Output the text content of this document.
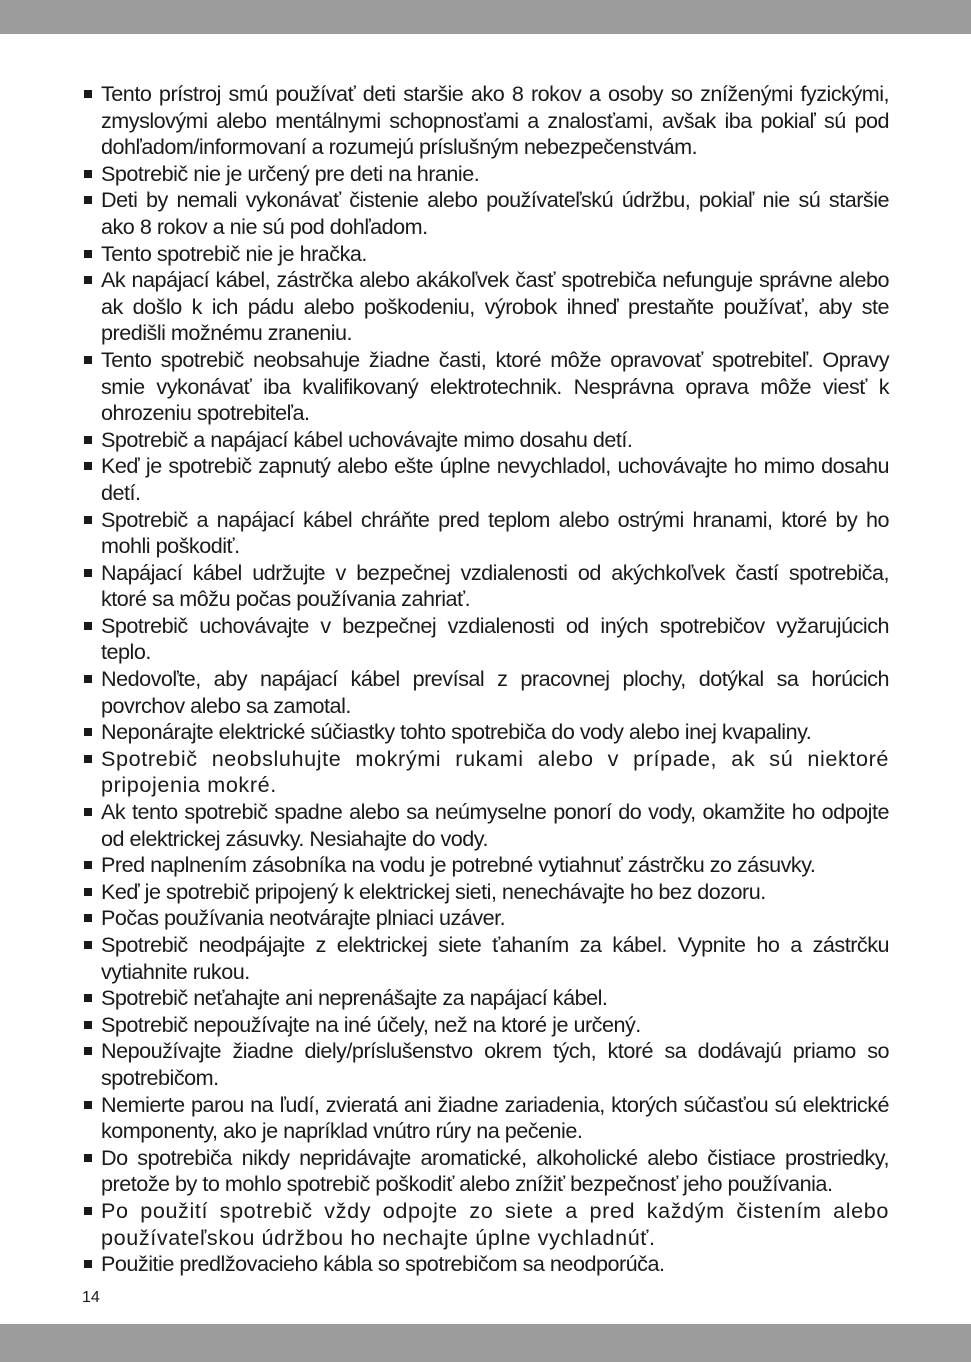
Tento prístroj smú používať deti staršie ako 8 rokov a osoby so zníženými fyzickými, zmyslovými alebo mentálnymi schopnosťami a znalosťami, avšak iba pokiaľ sú pod dohľadom/informovaní a rozumejú príslušným nebezpečenstvám.
Spotrebič nie je určený pre deti na hranie.
Deti by nemali vykonávať čistenie alebo používateľskú údržbu, pokiaľ nie sú staršie ako 8 rokov a nie sú pod dohľadom.
Tento spotrebič nie je hračka.
Ak napájací kábel, zástrčka alebo akákoľvek časť spotrebiča nefunguje správne alebo ak došlo k ich pádu alebo poškodeniu, výrobok ihneď prestaňte používať, aby ste predišli možnému zraneniu.
Tento spotrebič neobsahuje žiadne časti, ktoré môže opravovať spotrebiteľ. Opravy smie vykonávať iba kvalifikovaný elektrotechnik. Nesprávna oprava môže viesť k ohrozeniu spotrebiteľa.
Spotrebič a napájací kábel uchovávajte mimo dosahu detí.
Keď je spotrebič zapnutý alebo ešte úplne nevychladol, uchovávajte ho mimo dosahu detí.
Spotrebič a napájací kábel chráňte pred teplom alebo ostrými hranami, ktoré by ho mohli poškodiť.
Napájací kábel udržujte v bezpečnej vzdialenosti od akýchkoľvek častí spotrebiča, ktoré sa môžu počas používania zahriať.
Spotrebič uchovávajte v bezpečnej vzdialenosti od iných spotrebičov vyžarujúcich teplo.
Nedovoľte, aby napájací kábel prevísal z pracovnej plochy, dotýkal sa horúcich povrchov alebo sa zamotal.
Neponárajte elektrické súčiastky tohto spotrebiča do vody alebo inej kvapaliny.
Spotrebič neobsluhujte mokrými rukami alebo v prípade, ak sú niektoré pripojenia mokré.
Ak tento spotrebič spadne alebo sa neúmyselne ponorí do vody, okamžite ho odpojte od elektrickej zásuvky. Nesiahajte do vody.
Pred naplnením zásobníka na vodu je potrebné vytiahnuť zástrčku zo zásuvky.
Keď je spotrebič pripojený k elektrickej sieti, nenechávajte ho bez dozoru.
Počas používania neotvárajte plniaci uzáver.
Spotrebič neodpájajte z elektrickej siete ťahaním za kábel. Vypnite ho a zástrčku vytiahnite rukou.
Spotrebič neťahajte ani neprenášajte za napájací kábel.
Spotrebič nepoužívajte na iné účely, než na ktoré je určený.
Nepoužívajte žiadne diely/príslušenstvo okrem tých, ktoré sa dodávajú priamo so spotrebičom.
Nemierte parou na ľudí, zvieratá ani žiadne zariadenia, ktorých súčasťou sú elektrické komponenty, ako je napríklad vnútro rúry na pečenie.
Do spotrebiča nikdy nepridávajte aromatické, alkoholické alebo čistiace prostriedky, pretože by to mohlo spotrebič poškodiť alebo znížiť bezpečnosť jeho používania.
Po použití spotrebič vždy odpojte zo siete a pred každým čistením alebo používateľskou údržbou ho nechajte úplne vychladnúť.
Použitie predlžovacieho kábla so spotrebičom sa neodporúča.
14
